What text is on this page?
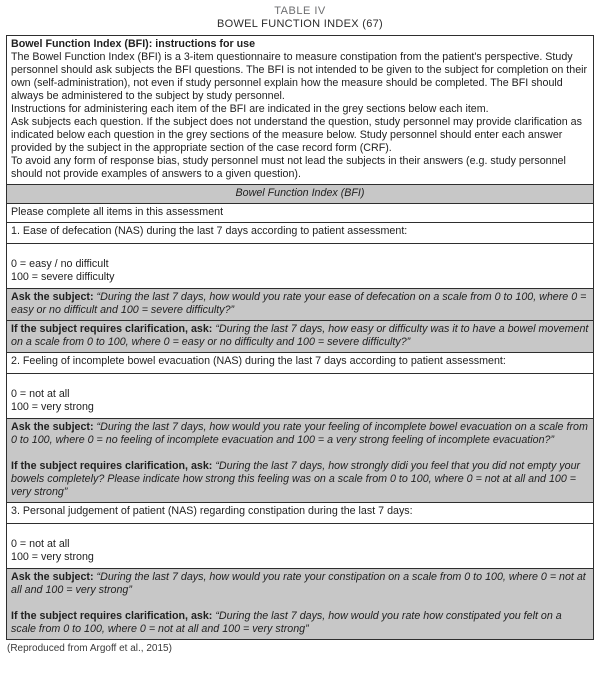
TABLE IV
BOWEL FUNCTION INDEX (67)
Bowel Function Index (BFI): instructions for use
The Bowel Function Index (BFI) is a 3-item questionnaire to measure constipation from the patient's perspective. Study personnel should ask subjects the BFI questions. The BFI is not intended to be given to the subject for completion on their own (self-administration), not even if study personnel explain how the measure should be completed. The BFI should always be administered to the subject by study personnel.
Instructions for administering each item of the BFI are indicated in the grey sections below each item.
Ask subjects each question. If the subject does not understand the question, study personnel may provide clarification as indicated below each question in the grey sections of the measure below. Study personnel should enter each answer provided by the subject in the appropriate section of the case record form (CRF).
To avoid any form of response bias, study personnel must not lead the subjects in their answers (e.g. study personnel should not provide examples of answers to a given question).
Bowel Function Index (BFI)
Please complete all items in this assessment
1. Ease of defecation (NAS) during the last 7 days according to patient assessment:
0 = easy / no difficult
100 = severe difficulty
Ask the subject: “During the last 7 days, how would you rate your ease of defecation on a scale from 0 to 100, where 0 = easy or no difficult and 100 = severe difficulty?”
If the subject requires clarification, ask: “During the last 7 days, how easy or difficulty was it to have a bowel movement on a scale from 0 to 100, where 0 = easy or no difficulty and 100 = severe difficulty?”
2. Feeling of incomplete bowel evacuation (NAS) during the last 7 days according to patient assessment:
0 = not at all
100 = very strong
Ask the subject: “During the last 7 days, how would you rate your feeling of incomplete bowel evacuation on a scale from 0 to 100, where 0 = no feeling of incomplete evacuation and 100 = a very strong feeling of incomplete evacuation?”
If the subject requires clarification, ask: “During the last 7 days, how strongly didi you feel that you did not empty your bowels completely? Please indicate how strong this feeling was on a scale from 0 to 100, where 0 = not at all and 100 = very strong”
3. Personal judgement of patient (NAS) regarding constipation during the last 7 days:
0 = not at all
100 = very strong
Ask the subject: “During the last 7 days, how would you rate your constipation on a scale from 0 to 100, where 0 = not at all and 100 = very strong”
If the subject requires clarification, ask: “During the last 7 days, how would you rate how constipated you felt on a scale from 0 to 100, where 0 = not at all and 100 = very strong”
(Reproduced from Argoff et al., 2015)
